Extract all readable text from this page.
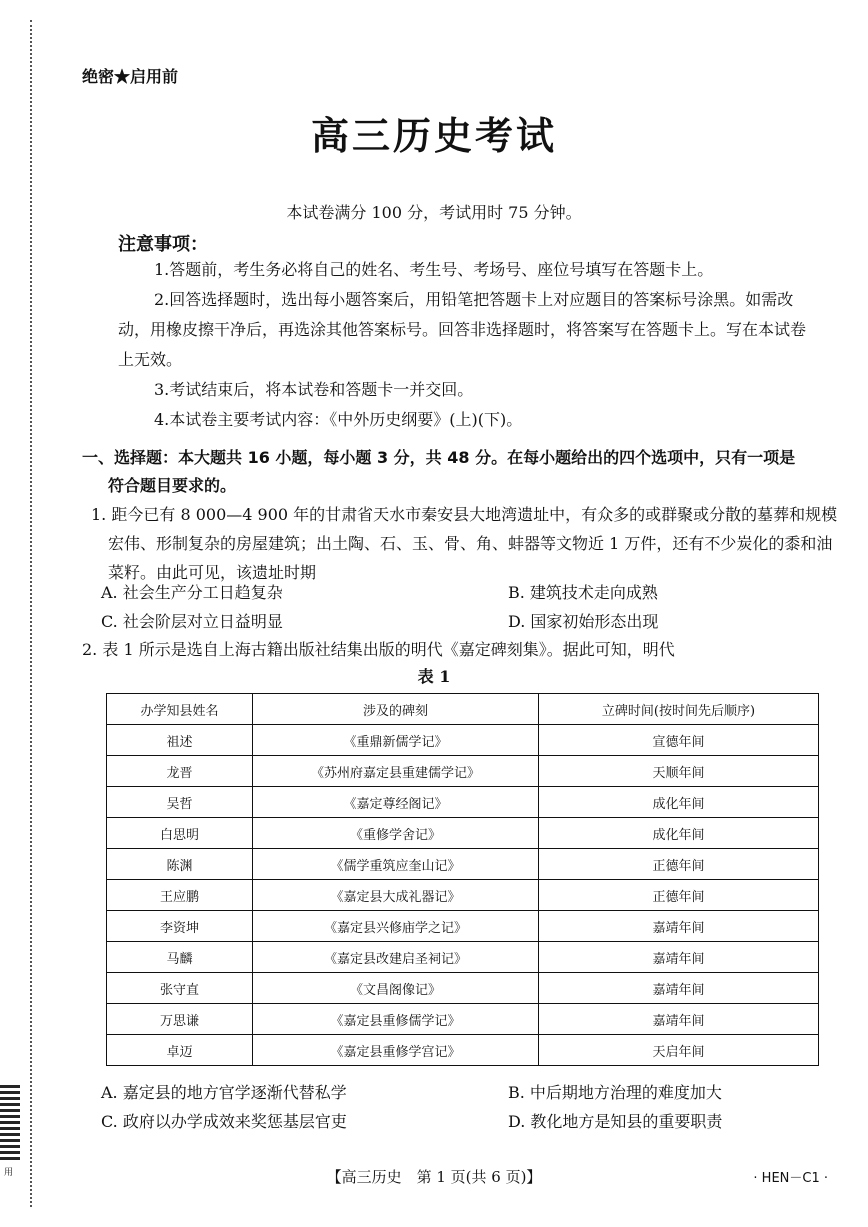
用
绝密★启用前
高三历史考试
本试卷满分 100 分，考试用时 75 分钟。
注意事项：

1.答题前，考生务必将自己的姓名、考生号、考场号、座位号填写在答题卡上。

2.回答选择题时，选出每小题答案后，用铅笔把答题卡上对应题目的答案标号涂黑。如需改动，用橡皮擦干净后，再选涂其他答案标号。回答非选择题时，将答案写在答题卡上。写在本试卷上无效。

3.考试结束后，将本试卷和答题卡一并交回。

4.本试卷主要考试内容：《中外历史纲要》(上)(下)。

一、选择题：本大题共 16 小题，每小题 3 分，共 48 分。在每小题给出的四个选项中，只有一项是
符合题目要求的。
1. 距今已有 8 000—4 900 年的甘肃省天水市秦安县大地湾遗址中，有众多的或群聚或分散的墓葬和规模宏伟、形制复杂的房屋建筑；出土陶、石、玉、骨、角、蚌器等文物近 1 万件，还有不少炭化的黍和油菜籽。由此可见，该遗址时期
A. 社会生产分工日趋复杂	B. 建筑技术走向成熟
C. 社会阶层对立日益明显	D. 国家初始形态出现
2. 表 1 所示是选自上海古籍出版社结集出版的明代《嘉定碑刻集》。据此可知，明代
表 1
办学知县姓名	涉及的碑刻	立碑时间(按时间先后顺序)
祖述	《重鼎新儒学记》	宣德年间
龙晋	《苏州府嘉定县重建儒学记》	天顺年间
吴哲	《嘉定尊经阁记》	成化年间
白思明	《重修学舍记》	成化年间
陈渊	《儒学重筑应奎山记》	正德年间
王应鹏	《嘉定县大成礼器记》	正德年间
李资坤	《嘉定县兴修庙学之记》	嘉靖年间
马麟	《嘉定县改建启圣祠记》	嘉靖年间
张守直	《文昌阁像记》	嘉靖年间
万思谦	《嘉定县重修儒学记》	嘉靖年间
卓迈	《嘉定县重修学宫记》	天启年间
A. 嘉定县的地方官学逐渐代替私学	B. 中后期地方治理的难度加大
C. 政府以办学成效来奖惩基层官吏	D. 教化地方是知县的重要职责
【高三历史　第 1 页(共 6 页)】	· HEN－C1 ·
